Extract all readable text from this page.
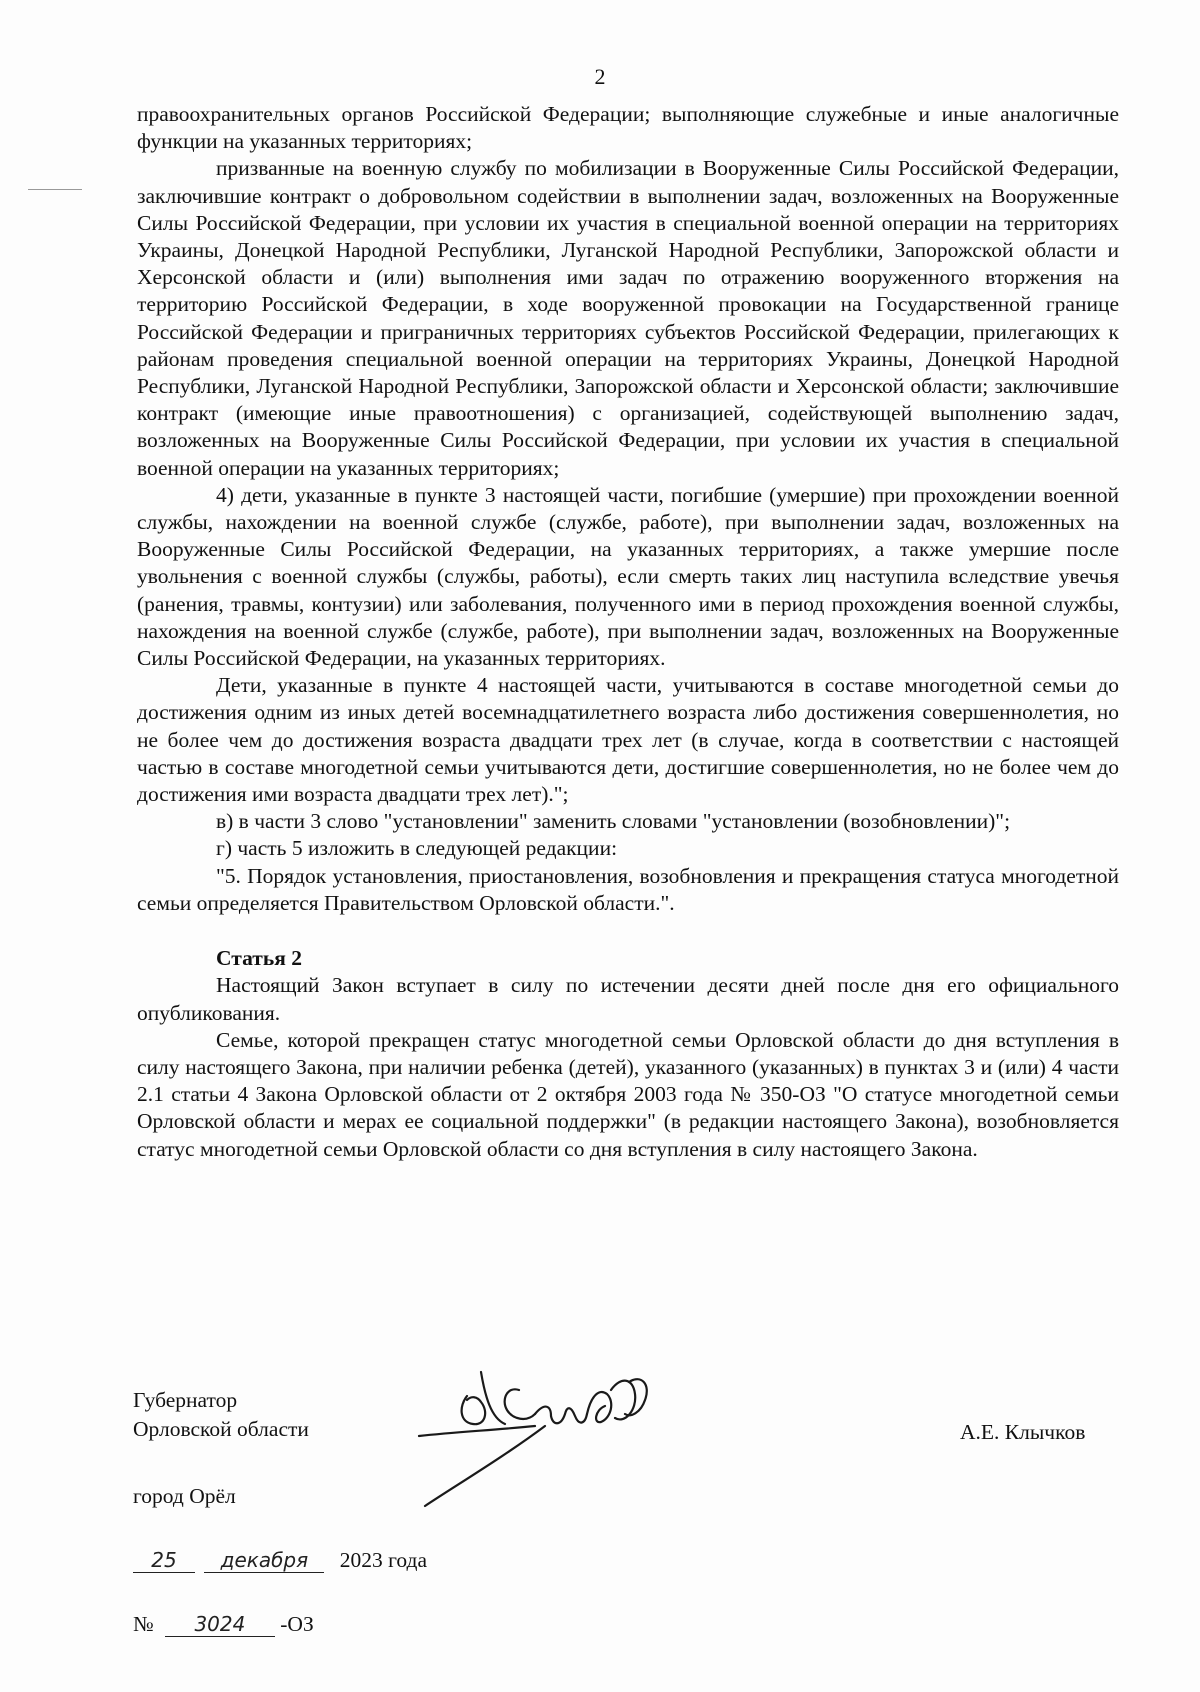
2

правоохранительных органов Российской Федерации; выполняющие служебные и иные аналогичные функции на указанных территориях;

призванные на военную службу по мобилизации в Вооруженные Силы Российской Федерации, заключившие контракт о добровольном содействии в выполнении задач, возложенных на Вооруженные Силы Российской Федерации, при условии их участия в специальной военной операции на территориях Украины, Донецкой Народной Республики, Луганской Народной Республики, Запорожской области и Херсонской области и (или) выполнения ими задач по отражению вооруженного вторжения на территорию Российской Федерации, в ходе вооруженной провокации на Государственной границе Российской Федерации и приграничных территориях субъектов Российской Федерации, прилегающих к районам проведения специальной военной операции на территориях Украины, Донецкой Народной Республики, Луганской Народной Республики, Запорожской области и Херсонской области; заключившие контракт (имеющие иные правоотношения) с организацией, содействующей выполнению задач, возложенных на Вооруженные Силы Российской Федерации, при условии их участия в специальной военной операции на указанных территориях;

4) дети, указанные в пункте 3 настоящей части, погибшие (умершие) при прохождении военной службы, нахождении на военной службе (службе, работе), при выполнении задач, возложенных на Вооруженные Силы Российской Федерации, на указанных территориях, а также умершие после увольнения с военной службы (службы, работы), если смерть таких лиц наступила вследствие увечья (ранения, травмы, контузии) или заболевания, полученного ими в период прохождения военной службы, нахождения на военной службе (службе, работе), при выполнении задач, возложенных на Вооруженные Силы Российской Федерации, на указанных территориях.

Дети, указанные в пункте 4 настоящей части, учитываются в составе многодетной семьи до достижения одним из иных детей восемнадцатилетнего возраста либо достижения совершеннолетия, но не более чем до достижения возраста двадцати трех лет (в случае, когда в соответствии с настоящей частью в составе многодетной семьи учитываются дети, достигшие совершеннолетия, но не более чем до достижения ими возраста двадцати трех лет).";

в) в части 3 слово "установлении" заменить словами "установлении (возобновлении)";

г) часть 5 изложить в следующей редакции:

"5. Порядок установления, приостановления, возобновления и прекращения статуса многодетной семьи определяется Правительством Орловской области.".

Статья 2

Настоящий Закон вступает в силу по истечении десяти дней после дня его официального опубликования.

Семье, которой прекращен статус многодетной семьи Орловской области до дня вступления в силу настоящего Закона, при наличии ребенка (детей), указанного (указанных) в пунктах 3 и (или) 4 части 2.1 статьи 4 Закона Орловской области от 2 октября 2003 года № 350-ОЗ "О статусе многодетной семьи Орловской области и мерах ее социальной поддержки" (в редакции настоящего Закона), возобновляется статус многодетной семьи Орловской области со дня вступления в силу настоящего Закона.

Губернатор
Орловской области	А.Е. Клычков
город Орёл
25 декабря 2023 года
№ 3024 -ОЗ
